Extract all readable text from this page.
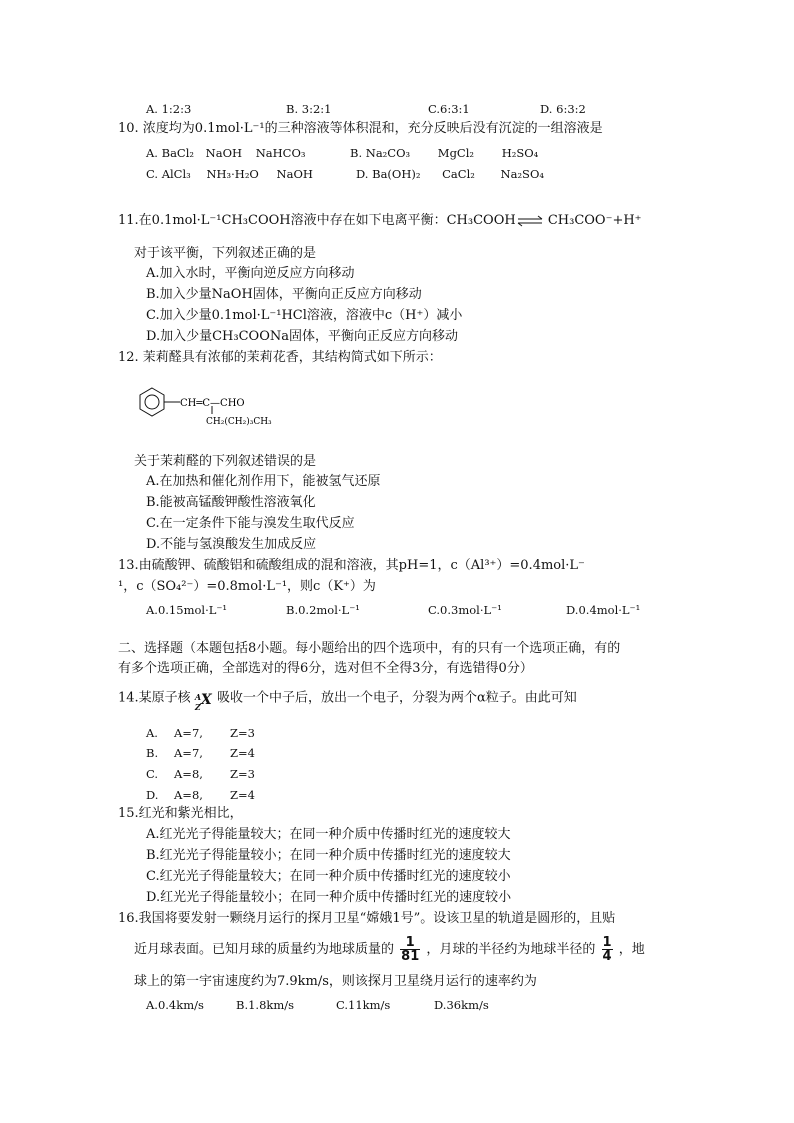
A. 1:2:3	B. 3:2:1	C.6:3:1	D. 6:3:2
10. 浓度均为0.1mol·L⁻¹的三种溶液等体积混和，充分反映后没有沉淀的一组溶液是
A. BaCl₂ NaOH NaHCO₃	B. Na₂CO₃ MgCl₂ H₂SO₄
C. AlCl₃ NH₃·H₂O NaOH	D. Ba(OH)₂ CaCl₂ Na₂SO₄
11.在0.1mol·L⁻¹CH₃COOH溶液中存在如下电离平衡：CH₃COOH⇌ CH₃COO⁻+H⁺
对于该平衡，下列叙述正确的是
A.加入水时，平衡向逆反应方向移动
B.加入少量NaOH固体，平衡向正反应方向移动
C.加入少量0.1mol·L⁻¹HCl溶液，溶液中c（H⁺）减小
D.加入少量CH₃COONa固体，平衡向正反应方向移动
12. 茉莉醛具有浓郁的茉莉花香，其结构简式如下所示：
CH═C—CHO
CH₂(CH₂)₃CH₃
关于茉莉醛的下列叙述错误的是
A.在加热和催化剂作用下，能被氢气还原
B.能被高锰酸钾酸性溶液氧化
C.在一定条件下能与溴发生取代反应
D.不能与氢溴酸发生加成反应
13.由硫酸钾、硫酸铝和硫酸组成的混和溶液，其pH=1，c（Al³⁺）=0.4mol·L⁻
¹，c（SO₄²⁻）=0.8mol·L⁻¹，则c（K⁺）为
A.0.15mol·L⁻¹	B.0.2mol·L⁻¹	C.0.3mol·L⁻¹	D.0.4mol·L⁻¹
二、选择题（本题包括8小题。每小题给出的四个选项中，有的只有一个选项正确，有的
有多个选项正确，全部选对的得6分，选对但不全得3分，有选错得0分）
14.某原子核 A
Z X 吸收一个中子后，放出一个电子，分裂为两个α粒子。由此可知
A. A=7, Z=3
B. A=7, Z=4
C. A=8, Z=3
D. A=8, Z=4
15.红光和紫光相比，
A.红光光子得能量较大；在同一种介质中传播时红光的速度较大
B.红光光子得能量较小；在同一种介质中传播时红光的速度较大
C.红光光子得能量较大；在同一种介质中传播时红光的速度较小
D.红光光子得能量较小；在同一种介质中传播时红光的速度较小
16.我国将要发射一颗绕月运行的探月卫星“嫦娥1号”。设该卫星的轨道是圆形的，且贴
近月球表面。已知月球的质量约为地球质量的 $\frac{1}{81}$ ，月球的半径约为地球半径的 $\frac{1}{4}$ ，地
球上的第一宇宙速度约为7.9km/s，则该探月卫星绕月运行的速率约为
A.0.4km/s	B.1.8km/s	C.11km/s	D.36km/s
